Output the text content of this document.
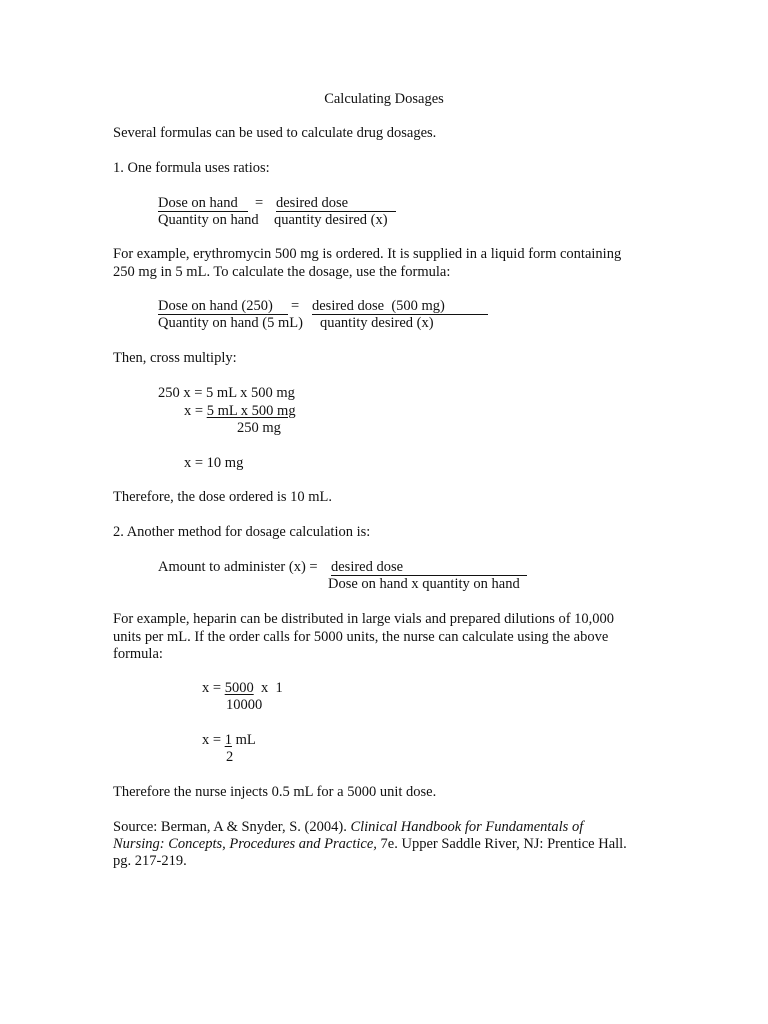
Calculating Dosages
Several formulas can be used to calculate drug dosages.
1. One formula uses ratios:
Dose on hand = desired dose
Quantity on hand quantity desired (x)
For example, erythromycin 500 mg is ordered. It is supplied in a liquid form containing
250 mg in 5 mL. To calculate the dosage, use the formula:
Dose on hand (250) = desired dose  (500 mg)
Quantity on hand (5 mL) quantity desired (x)
Then, cross multiply:
250 x = 5 mL x 500 mg
x = 5 mL x 500 mg
250 mg
x = 10 mg
Therefore, the dose ordered is 10 mL.
2. Another method for dosage calculation is:
Amount to administer (x) = desired dose
Dose on hand x quantity on hand
For example, heparin can be distributed in large vials and prepared dilutions of 10,000
units per mL. If the order calls for 5000 units, the nurse can calculate using the above
formula:
x = 5000  x  1
10000
x = 1 mL
2
Therefore the nurse injects 0.5 mL for a 5000 unit dose.
Source: Berman, A & Snyder, S. (2004). Clinical Handbook for Fundamentals of
Nursing: Concepts, Procedures and Practice, 7e. Upper Saddle River, NJ: Prentice Hall.
pg. 217-219.
